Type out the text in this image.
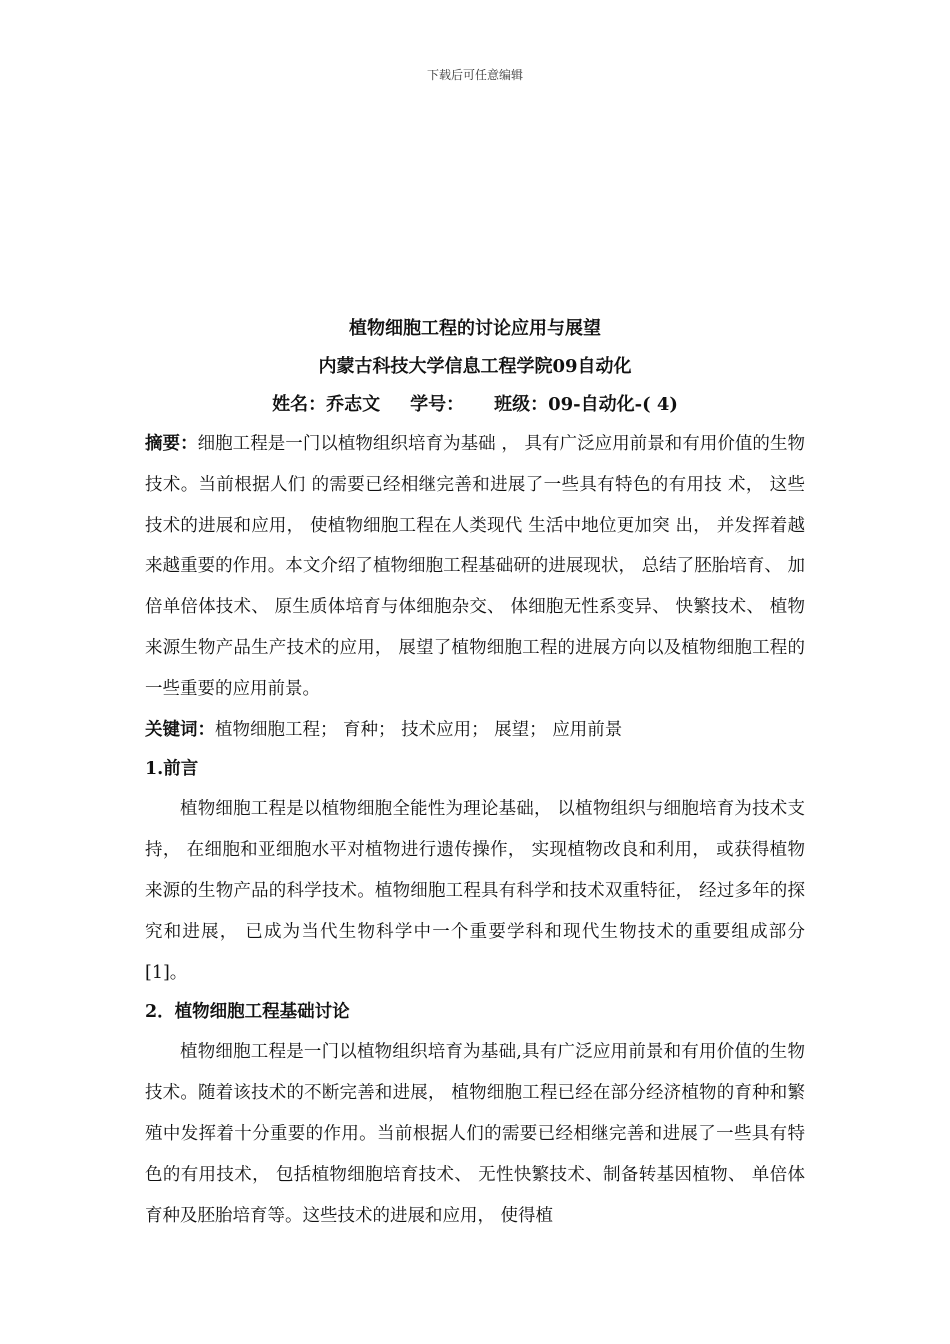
下载后可任意编辑
植物细胞工程的讨论应用与展望
内蒙古科技大学信息工程学院09自动化
姓名：乔志文 学号： 班级：09-自动化-( 4)

摘要：细胞工程是一门以植物组织培育为基础 ， 具有广泛应用前景和有用价值的生物技术。当前根据人们 的需要已经相继完善和进展了一些具有特色的有用技 术， 这些 技术的进展和应用， 使植物细胞工程在人类现代 生活中地位更加突 出， 并发挥着越来越重要的作用。本文介绍了植物细胞工程基础研的进展现状， 总结了胚胎培育、 加倍单倍体技术、 原生质体培育与体细胞杂交、 体细胞无性系变异、 快繁技术、 植物来源生物产品生产技术的应用， 展望了植物细胞工程的进展方向以及植物细胞工程的一些重要的应用前景。

关键词：植物细胞工程； 育种； 技术应用； 展望； 应用前景

1.前言

植物细胞工程是以植物细胞全能性为理论基础， 以植物组织与细胞培育为技术支持， 在细胞和亚细胞水平对植物进行遗传操作， 实现植物改良和利用， 或获得植物来源的生物产品的科学技术。植物细胞工程具有科学和技术双重特征， 经过多年的探究和进展， 已成为当代生物科学中一个重要学科和现代生物技术的重要组成部分[1]。

2．植物细胞工程基础讨论

植物细胞工程是一门以植物组织培育为基础,具有广泛应用前景和有用价值的生物技术。随着该技术的不断完善和进展， 植物细胞工程已经在部分经济植物的育种和繁殖中发挥着十分重要的作用。当前根据人们的需要已经相继完善和进展了一些具有特色的有用技术， 包括植物细胞培育技术、 无性快繁技术、制备转基因植物、 单倍体育种及胚胎培育等。这些技术的进展和应用， 使得植
